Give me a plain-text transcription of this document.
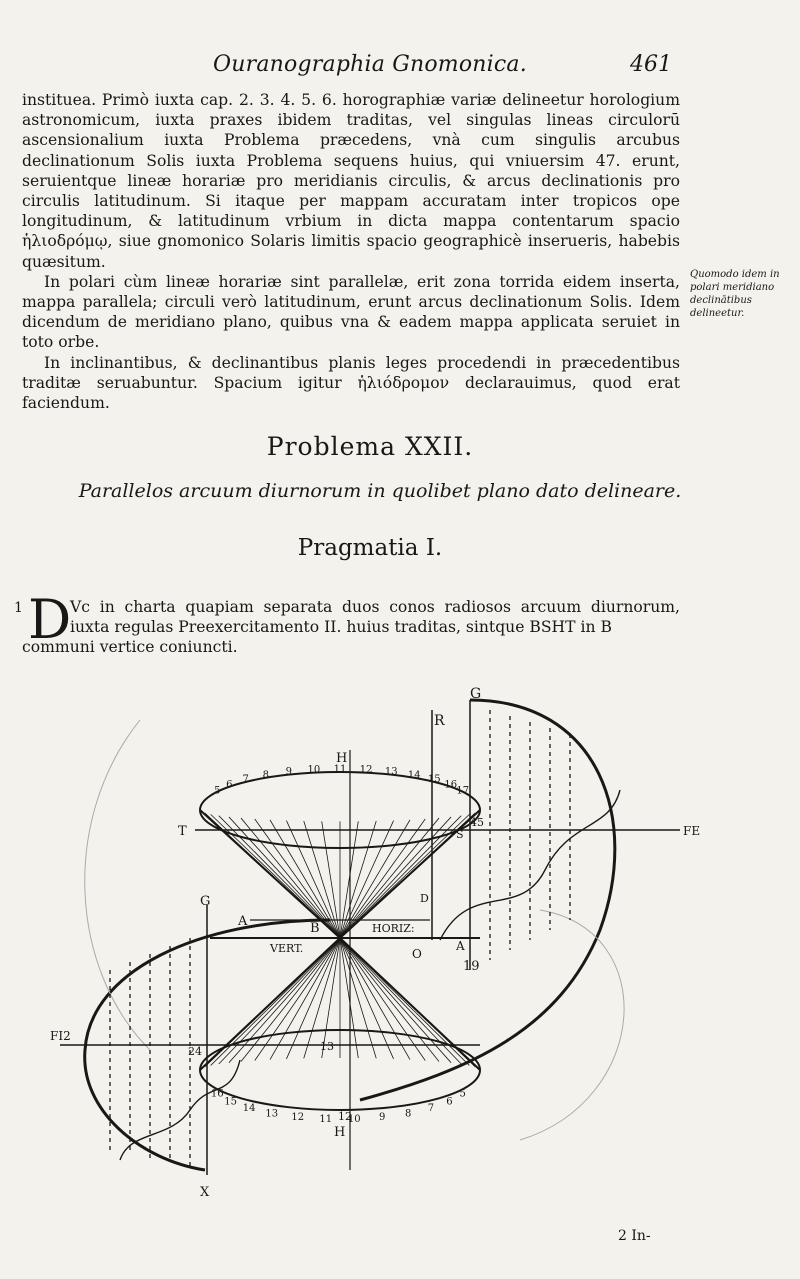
Ouranographia Gnomonica.	461

instituea. Primò iuxta cap. 2. 3. 4. 5. 6. horographiæ variæ delineetur horologium astronomicum, iuxta praxes ibidem traditas, vel singulas lineas circulorū ascensionalium iuxta Problema præcedens, vnà cum singulis arcubus declinationum Solis iuxta Problema sequens huius, qui vniuersim 47. erunt, seruientque lineæ horariæ pro meridianis circulis, & arcus declinationis pro circulis latitudinum. Si itaque per mappam accuratam inter tropicos ope longitudinum, & latitudinum vrbium in dicta mappa contentarum spacio ἡλιοδρόμῳ, siue gnomonico Solaris limitis spacio geographicè inserueris, habebis quæsitum.

In polari cùm lineæ horariæ sint parallelæ, erit zona torrida eidem inserta, mappa parallela; circuli verò latitudinum, erunt arcus declinationum Solis. Idem dicendum de meridiano plano, quibus vna & eadem mappa applicata seruiet in toto orbe.

In inclinantibus, & declinantibus planis leges procedendi in præcedentibus traditæ seruabuntur. Spacium igitur ἡλιόδρομον declarauimus, quod erat faciendum.

Quomodo idem in polari meridiano declinātibus delineetur.
Problema XXII.
Parallelos arcuum diurnorum in quolibet plano dato delineare.
Pragmatia I.
1 D
Vc in charta quapiam separata duos conos radiosos arcuum diurnorum, iuxta regulas Preexercitamento II. huius traditas, sintque BSHT in B
communi vertice coniuncti.
5
6 7 8 9 10 11 12 13 14 15 16
17
16
15
14 13 12 11 10 9 8 7
6
5
G
R
H
T
45
FE
G
A	B	HORIZ:
VERT.	O
A
D
19
FI2
24	13
12
H
X
S
2 In-
